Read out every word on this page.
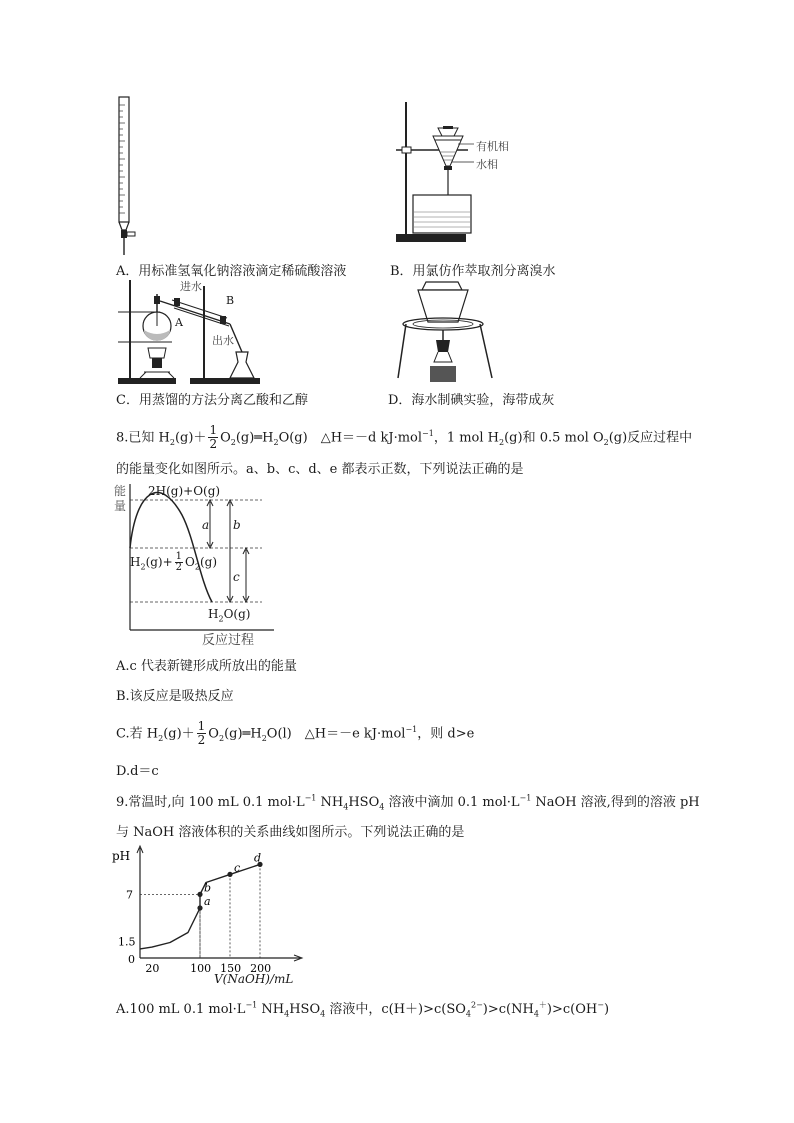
A．用标准氢氧化钠溶液滴定稀硫酸溶液
有机相
水相
B．用氯仿作萃取剂分离溴水
进水
A
B
出水
C．用蒸馏的方法分离乙酸和乙醇	D．海水制碘实验，海带成灰
8.已知 $H_2(g)+ \frac{1}{2}$ $O_2(g)═H_2O(g)$　△H＝－d kJ·mol$^{-1}$，1 mol $H_2(g)$和 0.5 mol $O_2(g)$反应过程中
的能量变化如图所示。a、b、c、d、e 都表示正数，下列说法正确的是
能量
2H(g)+O(g)
a b
c
$H_2(g)+ \frac{1}{2} O_2(g)$
$H_2O(g)$
反应过程
A.c 代表新键形成所放出的能量
B.该反应是吸热反应
C.若 $H_2(g)+ \frac{1}{2}$ $O_2(g)═H_2O(l)$　△H＝－e kJ·mol$^{-1}$，则 d>e
D.d＝c
9.常温时,向 100 mL 0.1 $mol\cdot L^{-1}$ $NH_4HSO_4$ 溶液中滴加 0.1 $mol\cdot L^{-1}$ NaOH 溶液,得到的溶液 pH
与 NaOH 溶液体积的关系曲线如图所示。下列说法正确的是
pH
0
a
b
c
d
1.5
7
20	100 150 200
V(NaOH)/mL
A.100 mL 0.1 $mol\cdot L^{-1}$ $NH_4HSO_4$ 溶液中，$c(H+)>c(SO_4^{2-})>c(NH_4^+)>c(OH^-)$
